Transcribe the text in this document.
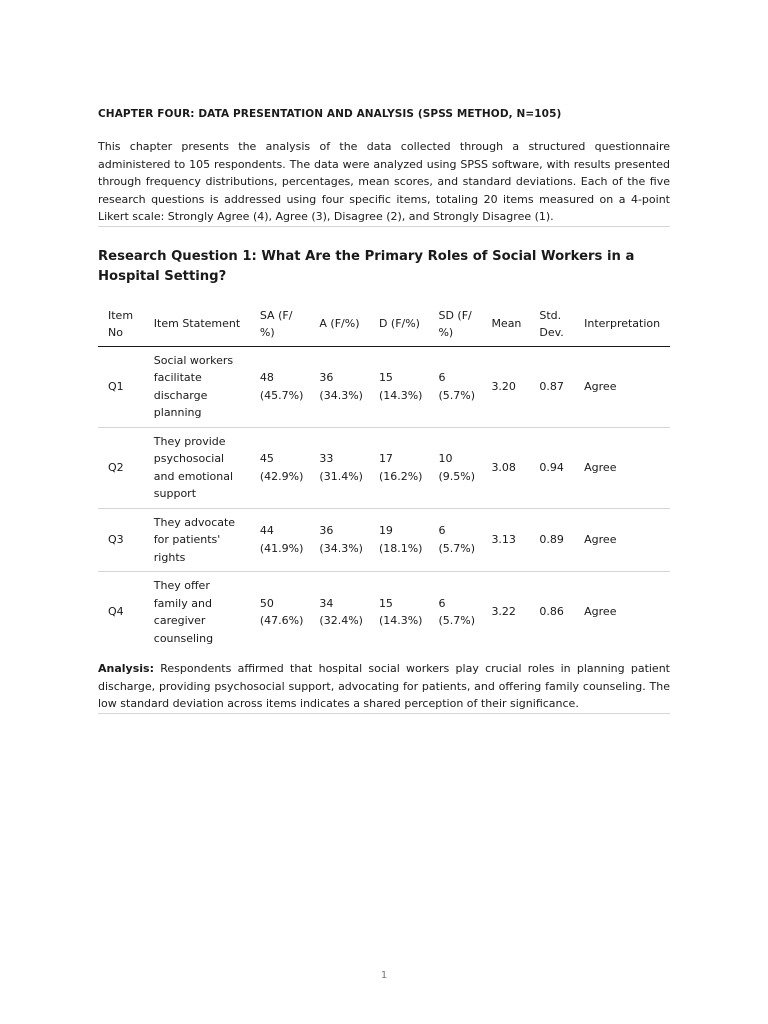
CHAPTER FOUR: DATA PRESENTATION AND ANALYSIS (SPSS METHOD, N=105)

This chapter presents the analysis of the data collected through a structured questionnaire administered to 105 respondents. The data were analyzed using SPSS software, with results presented through frequency distributions, percentages, mean scores, and standard deviations. Each of the five research questions is addressed using four specific items, totaling 20 items measured on a 4-point Likert scale: Strongly Agree (4), Agree (3), Disagree (2), and Strongly Disagree (1).

Research Question 1: What Are the Primary Roles of Social Workers in a Hospital Setting?
Item No	Item Statement	SA (F/ %)	A (F/%)	D (F/%)	SD (F/ %)	Mean	Std. Dev.	Interpretation
Q1	Social workers facilitate discharge planning	48 (45.7%)	36 (34.3%)	15 (14.3%)	6 (5.7%)	3.20	0.87	Agree
Q2	They provide psychosocial and emotional support	45 (42.9%)	33 (31.4%)	17 (16.2%)	10 (9.5%)	3.08	0.94	Agree
Q3	They advocate for patients' rights	44 (41.9%)	36 (34.3%)	19 (18.1%)	6 (5.7%)	3.13	0.89	Agree
Q4	They offer family and caregiver counseling	50 (47.6%)	34 (32.4%)	15 (14.3%)	6 (5.7%)	3.22	0.86	Agree

Analysis: Respondents affirmed that hospital social workers play crucial roles in planning patient discharge, providing psychosocial support, advocating for patients, and offering family counseling. The low standard deviation across items indicates a shared perception of their significance.

1
